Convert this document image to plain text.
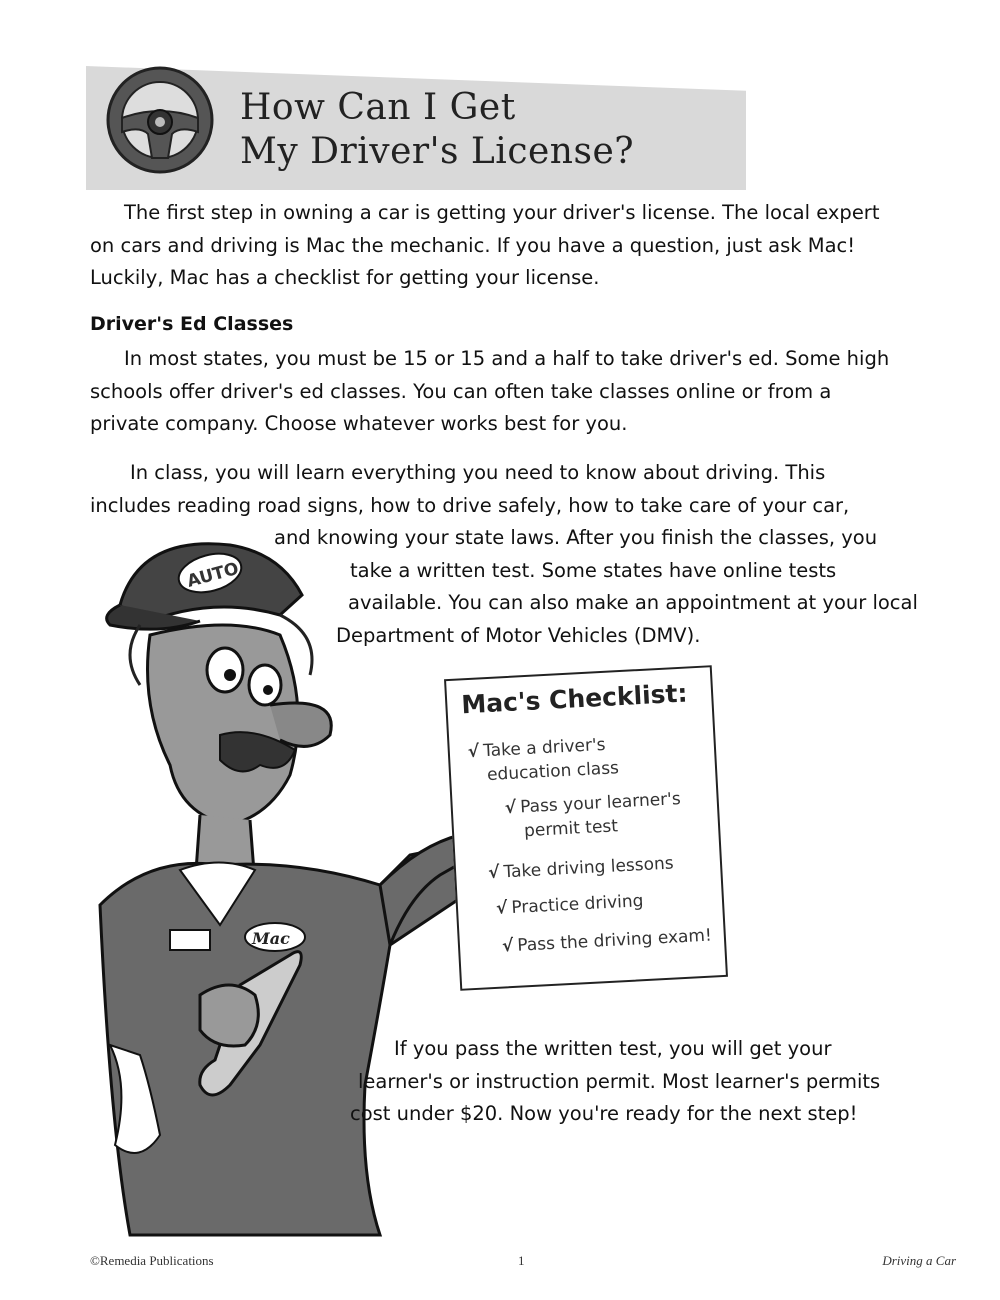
How Can I Get
My Driver's License?
The first step in owning a car is getting your driver's license. The local expert
on cars and driving is Mac the mechanic. If you have a question, just ask Mac!
Luckily, Mac has a checklist for getting your license.
Driver's Ed Classes
In most states, you must be 15 or 15 and a half to take driver's ed. Some high
schools offer driver's ed classes. You can often take classes online or from a
private company. Choose whatever works best for you.
In class, you will learn everything you need to know about driving. This
includes reading road signs, how to drive safely, how to take care of your car,
and knowing your state laws. After you finish the classes, you
take a written test. Some states have online tests
available. You can also make an appointment at your local
Department of Motor Vehicles (DMV).
AUTO
Mac
Mac's Checklist:
√ Take a driver's
education class
√ Pass your learner's
permit test
√ Take driving lessons
√ Practice driving
√ Pass the driving exam!
If you pass the written test, you will get your
learner's or instruction permit. Most learner's permits
cost under $20. Now you're ready for the next step!
©Remedia Publications	1	Driving a Car
